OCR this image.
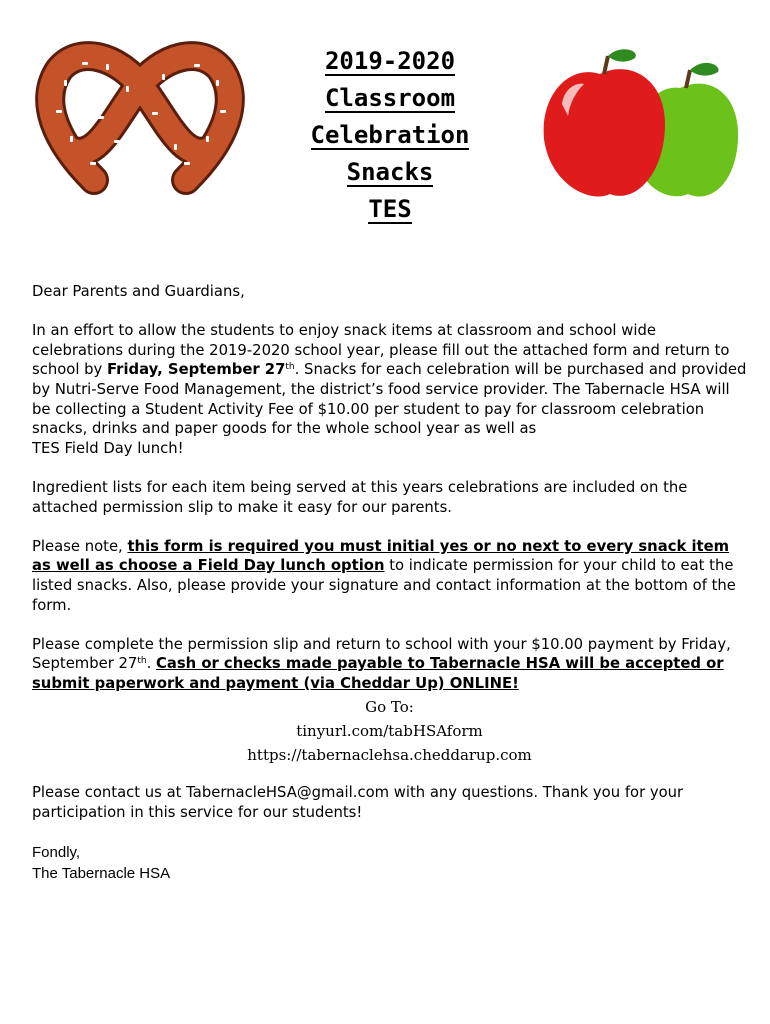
2019-2020
Classroom
Celebration
Snacks
TES

Dear Parents and Guardians,

In an effort to allow the students to enjoy snack items at classroom and school wide celebrations during the 2019-2020 school year, please fill out the attached form and return to school by Friday, September 27th. Snacks for each celebration will be purchased and provided by Nutri-Serve Food Management, the district’s food service provider. The Tabernacle HSA will be collecting a Student Activity Fee of $10.00 per student to pay for classroom celebration snacks, drinks and paper goods for the whole school year as well as
TES Field Day lunch!

Ingredient lists for each item being served at this years celebrations are included on the attached permission slip to make it easy for our parents.

Please note, this form is required you must initial yes or no next to every snack item as well as choose a Field Day lunch option to indicate permission for your child to eat the listed snacks. Also, please provide your signature and contact information at the bottom of the form.

Please complete the permission slip and return to school with your $10.00 payment by Friday, September 27th. Cash or checks made payable to Tabernacle HSA will be accepted or submit paperwork and payment (via Cheddar Up) ONLINE!

Go To:
tinyurl.com/tabHSAform
https://tabernaclehsa.cheddarup.com

Please contact us at TabernacleHSA@gmail.com with any questions. Thank you for your participation in this service for our students!

Fondly,
The Tabernacle HSA
